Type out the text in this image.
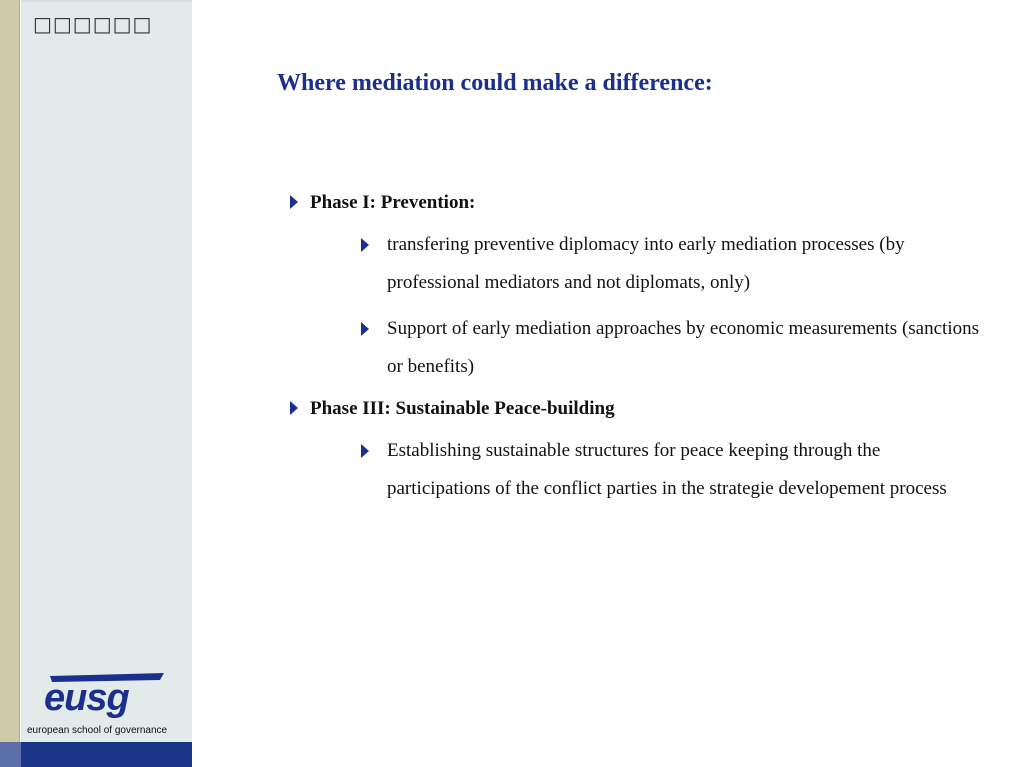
□□□□□□
eusg
european school of governance
Where mediation could make a difference:
Phase I: Prevention:
transfering preventive diplomacy into early mediation processes (by professional mediators and not diplomats, only)
Support of early mediation approaches by economic measurements (sanctions or benefits)
Phase III: Sustainable Peace-building
Establishing sustainable structures for peace keeping through the participations of the conflict parties in the strategie developement process
